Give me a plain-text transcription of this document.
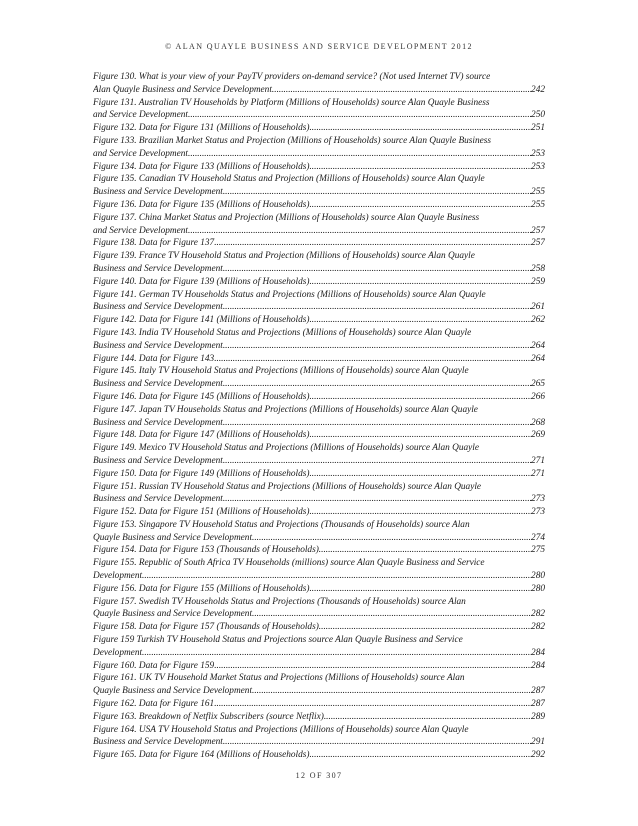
© ALAN QUAYLE BUSINESS AND SERVICE DEVELOPMENT 2012
Figure 130. What is your view of your PayTV providers on-demand service? (Not used Internet TV) source
Alan Quayle Business and Service Development .....	242
Figure 131. Australian TV Households by Platform (Millions of Households) source Alan Quayle Business
and Service Development .....	250
Figure 132. Data for Figure 131 (Millions of Households) .....	251
Figure 133. Brazilian Market Status and Projection (Millions of Households) source Alan Quayle Business
and Service Development .....	253
Figure 134. Data for Figure 133 (Millions of Households) .....	253
Figure 135. Canadian TV Household Status and Projection (Millions of Households) source Alan Quayle
Business and Service Development .....	255
Figure 136. Data for Figure 135 (Millions of Households) .....	255
Figure 137. China Market Status and Projection (Millions of Households) source Alan Quayle Business
and Service Development .....	257
Figure 138. Data for Figure 137 .....	257
Figure 139. France TV Household Status and Projection (Millions of Households) source Alan Quayle
Business and Service Development .....	258
Figure 140. Data for Figure 139 (Millions of Households) .....	259
Figure 141. German TV Households Status and Projections (Millions of Households) source Alan Quayle
Business and Service Development .....	261
Figure 142. Data for Figure 141 (Millions of Households) .....	262
Figure 143. India TV Household Status and Projections (Millions of Households) source Alan Quayle
Business and Service Development .....	264
Figure 144. Data for Figure 143 .....	264
Figure 145. Italy TV Household Status and Projections (Millions of Households) source Alan Quayle
Business and Service Development .....	265
Figure 146. Data for Figure 145 (Millions of Households) .....	266
Figure 147. Japan TV Households Status and Projections (Millions of Households) source Alan Quayle
Business and Service Development .....	268
Figure 148. Data for Figure 147 (Millions of Households) .....	269
Figure 149. Mexico TV Household Status and Projections (Millions of Households) source Alan Quayle
Business and Service Development .....	271
Figure 150. Data for Figure 149 (Millions of Households) .....	271
Figure 151. Russian TV Household Status and Projections (Millions of Households) source Alan Quayle
Business and Service Development .....	273
Figure 152. Data for Figure 151 (Millions of Households) .....	273
Figure 153. Singapore TV Household Status and Projections (Thousands of Households) source Alan
Quayle Business and Service Development .....	274
Figure 154. Data for Figure 153 (Thousands of Households) .....	275
Figure 155. Republic of South Africa TV Households (millions) source Alan Quayle Business and Service
Development .....	280
Figure 156. Data for Figure 155 (Millions of Households) .....	280
Figure 157. Swedish TV Households Status and Projections (Thousands of Households) source Alan
Quayle Business and Service Development .....	282
Figure 158. Data for Figure 157 (Thousands of Households) .....	282
Figure 159 Turkish TV Household Status and Projections source Alan Quayle Business and Service
Development .....	284
Figure 160. Data for Figure 159 .....	284
Figure 161. UK TV Household Market Status and Projections (Millions of Households) source Alan
Quayle Business and Service Development .....	287
Figure 162. Data for Figure 161 .....	287
Figure 163. Breakdown of Netflix Subscribers (source Netflix) .....	289
Figure 164. USA TV Household Status and Projections (Millions of Households) source Alan Quayle
Business and Service Development .....	291
Figure 165. Data for Figure 164 (Millions of Households) .....	292
12 OF 307
